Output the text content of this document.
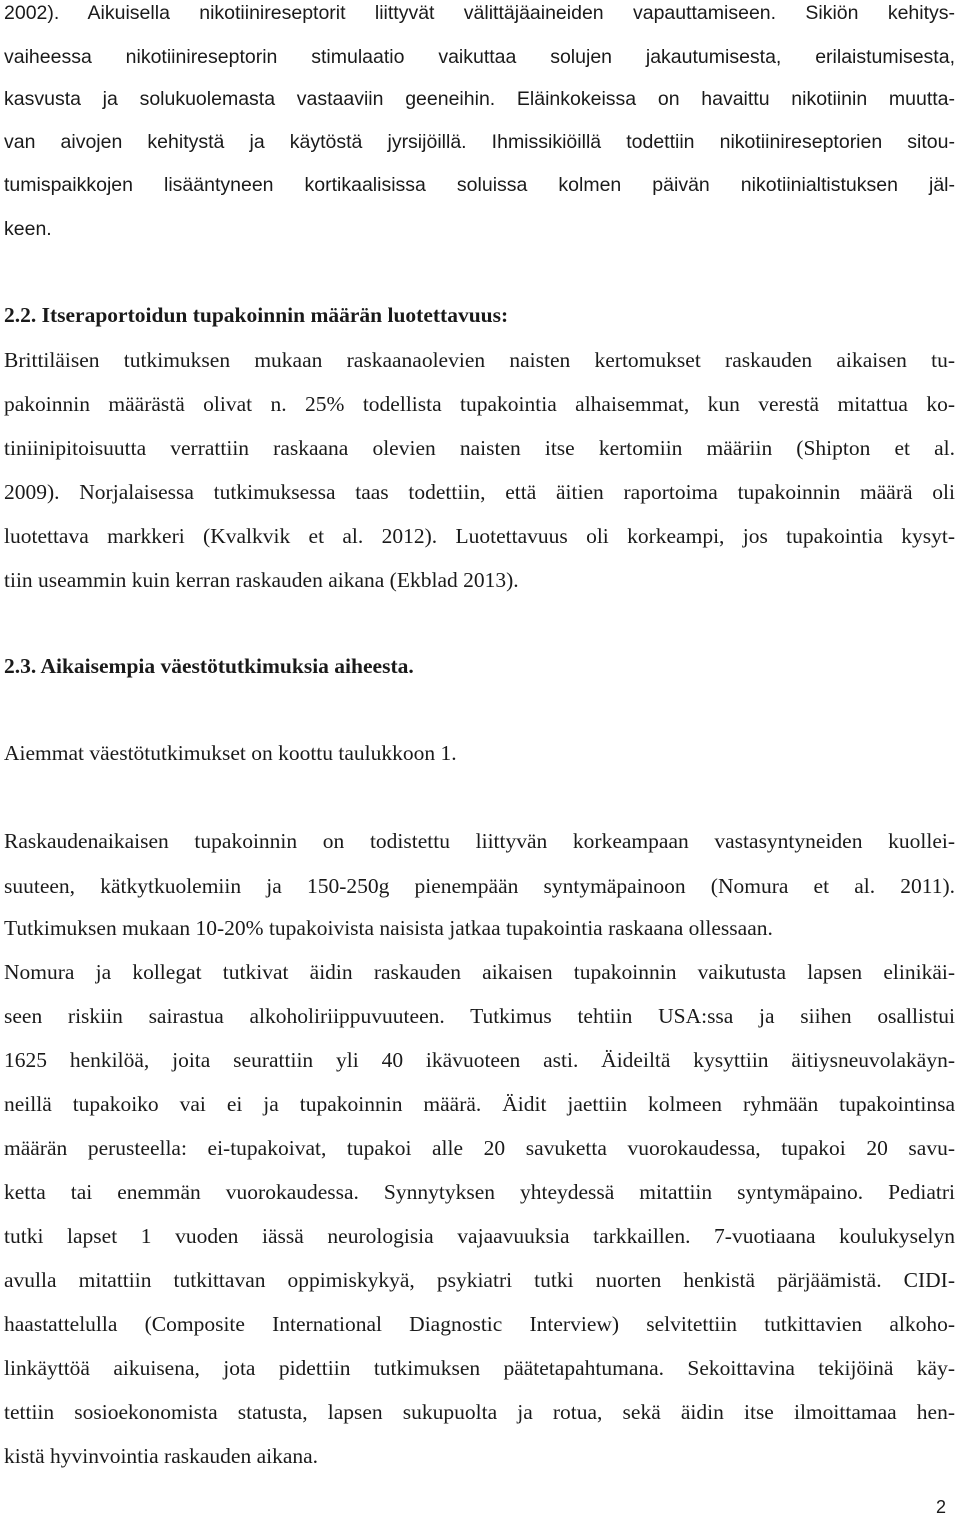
2002). Aikuisella nikotiinireseptorit liittyvät välittäjäaineiden vapauttamiseen. Sikiön kehitys-

vaiheessa nikotiinireseptorin stimulaatio vaikuttaa solujen jakautumisesta, erilaistumisesta,

kasvusta ja solukuolemasta vastaaviin geeneihin. Eläinkokeissa on havaittu nikotiinin muutta-

van aivojen kehitystä ja käytöstä jyrsijöillä. Ihmissikiöillä todettiin nikotiinireseptorien sitou-

tumispaikkojen lisääntyneen kortikaalisissa soluissa kolmen päivän nikotiinialtistuksen jäl-

keen.

2.2. Itseraportoidun tupakoinnin määrän luotettavuus:

Brittiläisen tutkimuksen mukaan raskaanaolevien naisten kertomukset raskauden aikaisen tu-

pakoinnin määrästä olivat n. 25% todellista tupakointia alhaisemmat, kun verestä mitattua ko-

tiniinipitoisuutta verrattiin raskaana olevien naisten itse kertomiin määriin (Shipton et al.

2009). Norjalaisessa tutkimuksessa taas todettiin, että äitien raportoima tupakoinnin määrä oli

luotettava markkeri (Kvalkvik et al. 2012). Luotettavuus oli korkeampi, jos tupakointia kysyt-

tiin useammin kuin kerran raskauden aikana (Ekblad 2013).

2.3. Aikaisempia väestötutkimuksia aiheesta.

Aiemmat väestötutkimukset on koottu taulukkoon 1.

Raskaudenaikaisen tupakoinnin on todistettu liittyvän korkeampaan vastasyntyneiden kuollei-

suuteen, kätkytkuolemiin ja 150-250g pienempään syntymäpainoon (Nomura et al. 2011).

Tutkimuksen mukaan 10-20% tupakoivista naisista jatkaa tupakointia raskaana ollessaan.

Nomura ja kollegat tutkivat äidin raskauden aikaisen tupakoinnin vaikutusta lapsen elinikäi-

seen riskiin sairastua alkoholiriippuvuuteen. Tutkimus tehtiin USA:ssa ja siihen osallistui

1625 henkilöä, joita seurattiin yli 40 ikävuoteen asti. Äideiltä kysyttiin äitiysneuvolakäyn-

neillä tupakoiko vai ei ja tupakoinnin määrä. Äidit jaettiin kolmeen ryhmään tupakointinsa

määrän perusteella: ei-tupakoivat, tupakoi alle 20 savuketta vuorokaudessa, tupakoi 20 savu-

ketta tai enemmän vuorokaudessa. Synnytyksen yhteydessä mitattiin syntymäpaino. Pediatri

tutki lapset 1 vuoden iässä neurologisia vajaavuuksia tarkkaillen. 7-vuotiaana koulukyselyn

avulla mitattiin tutkittavan oppimiskykyä, psykiatri tutki nuorten henkistä pärjäämistä. CIDI-

haastattelulla (Composite International Diagnostic Interview) selvitettiin tutkittavien alkoho-

linkäyttöä aikuisena, jota pidettiin tutkimuksen päätetapahtumana. Sekoittavina tekijöinä käy-

tettiin sosioekonomista statusta, lapsen sukupuolta ja rotua, sekä äidin itse ilmoittamaa hen-

kistä hyvinvointia raskauden aikana.

2
